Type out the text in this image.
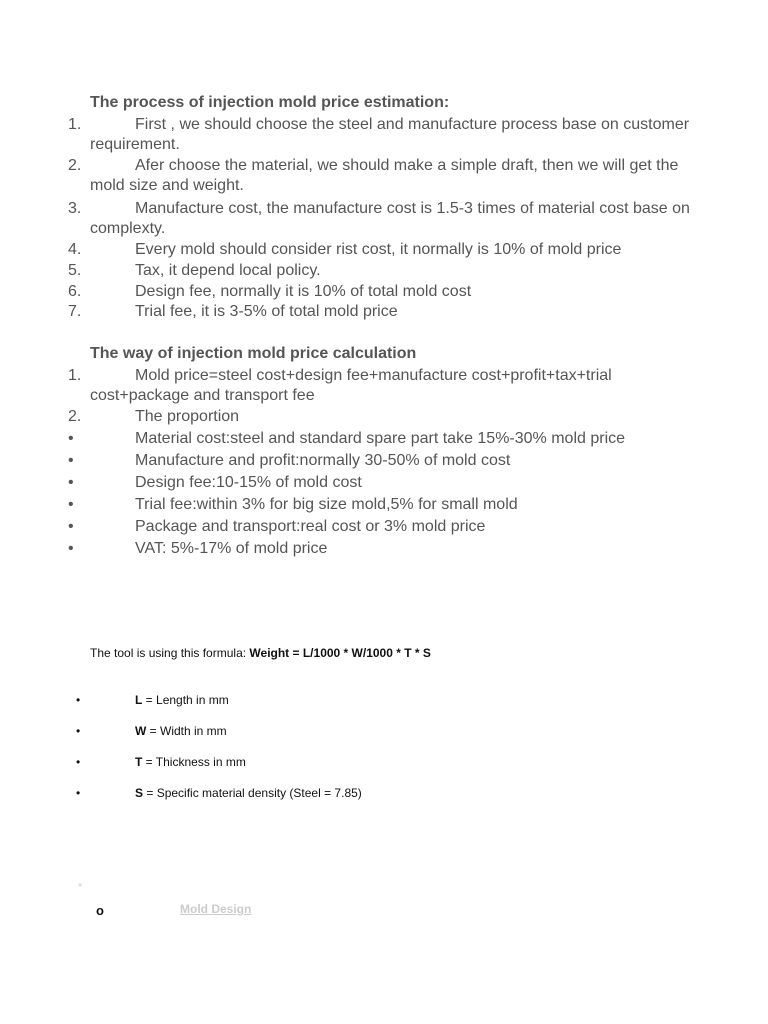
The process of injection mold price estimation:
1.	First , we should choose the steel and manufacture process base on customer requirement.
2.	Afer choose the material, we should make a simple draft, then we will get the mold size and weight.
3.	Manufacture cost, the manufacture cost is 1.5-3 times of material cost base on complexty.
4.	Every mold should consider rist cost, it normally is 10% of mold price
5.	Tax, it depend local policy.
6.	Design fee, normally it is 10% of total mold cost
7.	Trial fee, it is 3-5% of total mold price
The way of injection mold price calculation
1.	Mold price=steel cost+design fee+manufacture cost+profit+tax+trial cost+package and transport fee
2.	The proportion
•	Material cost:steel and standard spare part take 15%-30% mold price
•	Manufacture and profit:normally 30-50% of mold cost
•	Design fee:10-15% of mold cost
•	Trial fee:within 3% for big size mold,5% for small mold
•	Package and transport:real cost or 3% mold price
•	VAT: 5%-17% of mold price
The tool is using this formula: Weight = L/1000 * W/1000 * T * S
•	L = Length in mm
•	W = Width in mm
•	T = Thickness in mm
•	S = Specific material density (Steel = 7.85)
•
o	Mold Design
